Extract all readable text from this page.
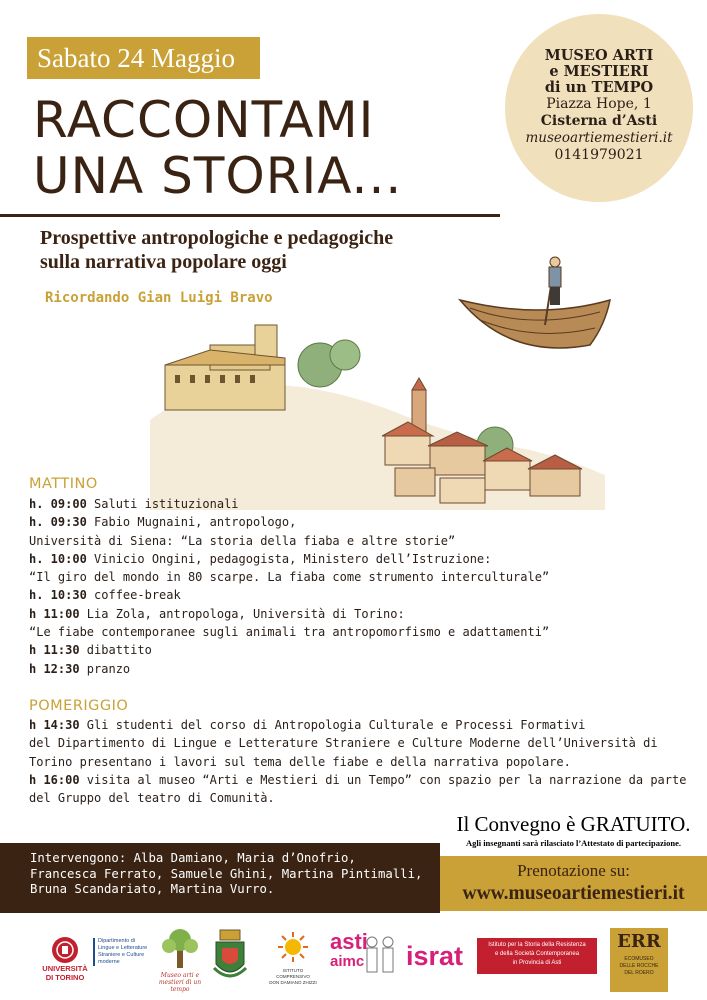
Sabato 24 Maggio	MUSEO ARTI
e MESTIERI
di un TEMPO
Piazza Hope, 1
Cisterna d’Asti
museoartiemestieri.it
0141979021
RACCONTAMI
UNA STORIA...
Prospettive antropologiche e pedagogiche
sulla narrativa popolare oggi
Ricordando Gian Luigi Bravo
MATTINO
h. 09:00 Saluti istituzionali
h. 09:30 Fabio Mugnaini, antropologo,
Università di Siena: “La storia della fiaba e altre storie”
h. 10:00 Vinicio Ongini, pedagogista, Ministero dell’Istruzione:
“Il giro del mondo in 80 scarpe. La fiaba come strumento interculturale”
h. 10:30 coffee-break
h 11:00 Lia Zola, antropologa, Università di Torino:
“Le fiabe contemporanee sugli animali tra antropomorfismo e adattamenti”
h 11:30 dibattito
h 12:30 pranzo
POMERIGGIO
h 14:30 Gli studenti del corso di Antropologia Culturale e Processi Formativi
del Dipartimento di Lingue e Letterature Straniere e Culture Moderne dell’Università di
Torino presentano i lavori sul tema delle fiabe e della narrativa popolare.
h 16:00 visita al museo “Arti e Mestieri di un Tempo” con spazio per la narrazione da parte
del Gruppo del teatro di Comunità.
Intervengono: Alba Damiano, Maria d’Onofrio,
Francesca Ferrato, Samuele Ghini, Martina Pintimalli,
Bruna Scandariato, Martina Vurro.
Il Convegno è GRATUITO.
Agli insegnanti sarà rilasciato l’Attestato di partecipazione.
Prenotazione su:
www.museoartiemestieri.it
UNIVERSITÀ
DI TORINO
Dipartimento di
Lingue e Letterature
Straniere e Culture moderne
Museo arti e mestieri di un tempo
ISTITUTO COMPRENSIVO
DON DAMIANO ZHIZZI
asti
aimc	israt	Istituto per la Storia della Resistenza
e della Società Contemporanea
in Provincia di Asti
ERR
ECOMUSEO
DELLE ROCCHE
DEL ROERO
